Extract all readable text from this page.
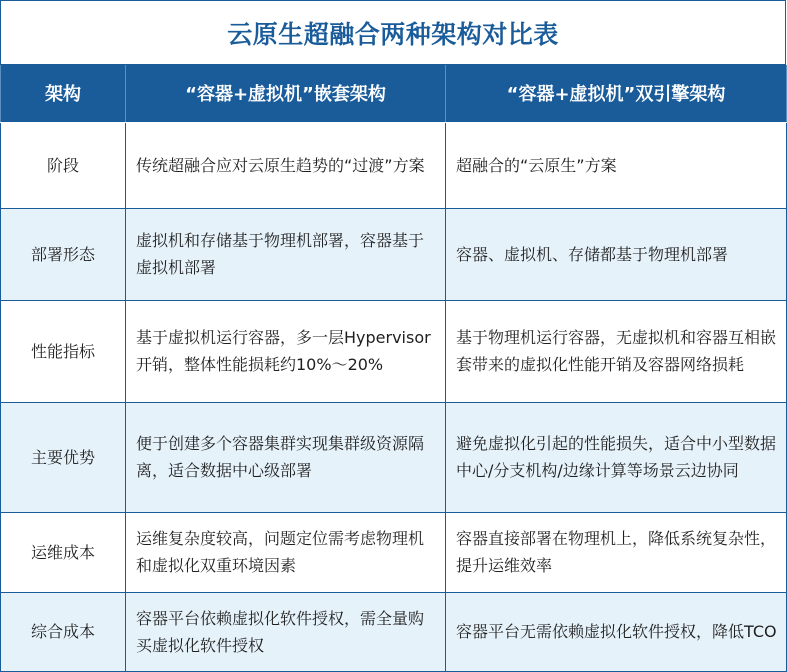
云原生超融合两种架构对比表
架构	“容器+虚拟机”嵌套架构	“容器+虚拟机”双引擎架构
阶段	传统超融合应对云原生趋势的“过渡”方案	超融合的“云原生”方案
部署形态	虚拟机和存储基于物理机部署，容器基于虚拟机部署	容器、虚拟机、存储都基于物理机部署
性能指标	基于虚拟机运行容器，多一层Hypervisor开销，整体性能损耗约10%～20%	基于物理机运行容器，无虚拟机和容器互相嵌套带来的虚拟化性能开销及容器网络损耗
主要优势	便于创建多个容器集群实现集群级资源隔离，适合数据中心级部署	避免虚拟化引起的性能损失，适合中小型数据中心/分支机构/边缘计算等场景云边协同
运维成本	运维复杂度较高，问题定位需考虑物理机和虚拟化双重环境因素	容器直接部署在物理机上，降低系统复杂性，提升运维效率
综合成本	容器平台依赖虚拟化软件授权，需全量购买虚拟化软件授权	容器平台无需依赖虚拟化软件授权，降低TCO
